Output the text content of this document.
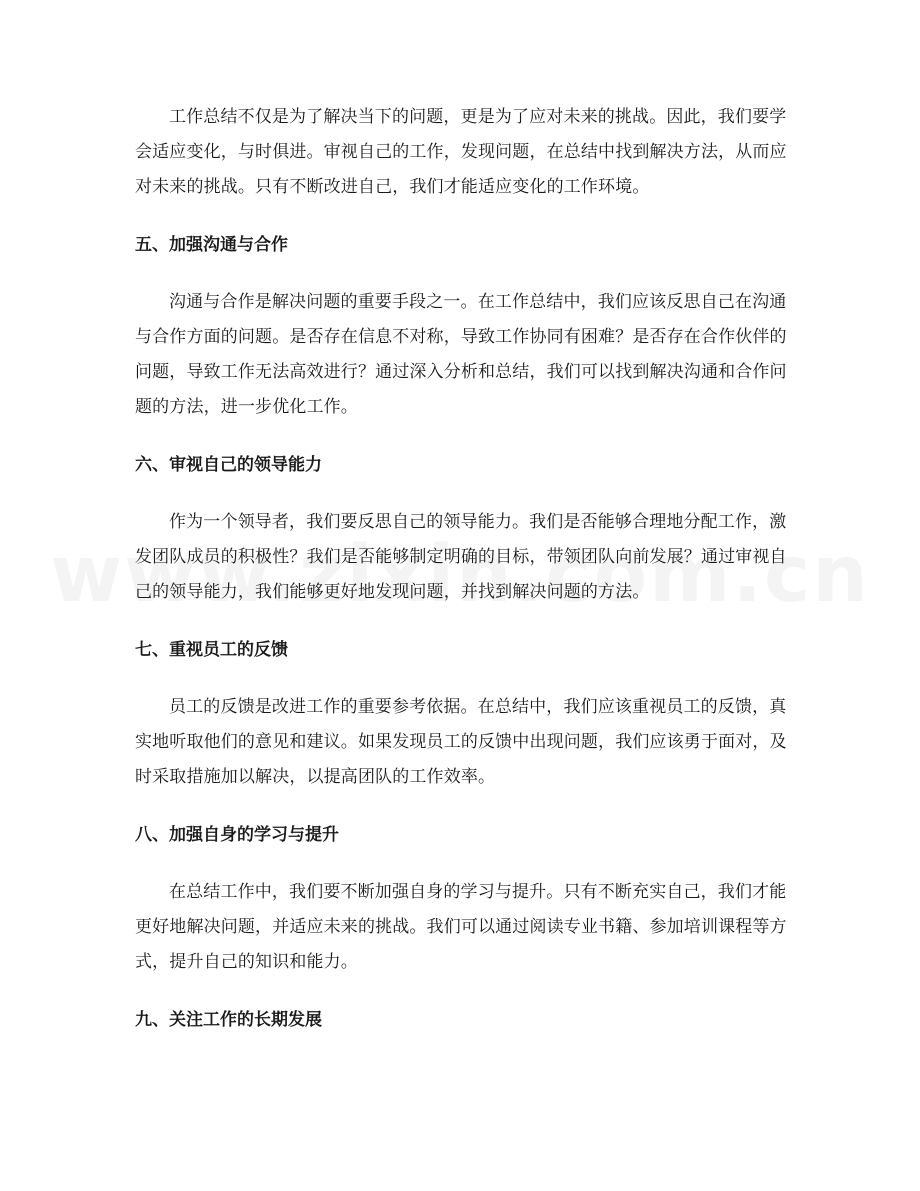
工作总结不仅是为了解决当下的问题，更是为了应对未来的挑战。因此，我们要学会适应变化，与时俱进。审视自己的工作，发现问题，在总结中找到解决方法，从而应对未来的挑战。只有不断改进自己，我们才能适应变化的工作环境。

五、加强沟通与合作

沟通与合作是解决问题的重要手段之一。在工作总结中，我们应该反思自己在沟通与合作方面的问题。是否存在信息不对称，导致工作协同有困难？是否存在合作伙伴的问题，导致工作无法高效进行？通过深入分析和总结，我们可以找到解决沟通和合作问题的方法，进一步优化工作。

六、审视自己的领导能力

作为一个领导者，我们要反思自己的领导能力。我们是否能够合理地分配工作，激发团队成员的积极性？我们是否能够制定明确的目标，带领团队向前发展？通过审视自己的领导能力，我们能够更好地发现问题，并找到解决问题的方法。

七、重视员工的反馈

员工的反馈是改进工作的重要参考依据。在总结中，我们应该重视员工的反馈，真实地听取他们的意见和建议。如果发现员工的反馈中出现问题，我们应该勇于面对，及时采取措施加以解决，以提高团队的工作效率。

八、加强自身的学习与提升

在总结工作中，我们要不断加强自身的学习与提升。只有不断充实自己，我们才能更好地解决问题，并适应未来的挑战。我们可以通过阅读专业书籍、参加培训课程等方式，提升自己的知识和能力。

九、关注工作的长期发展
